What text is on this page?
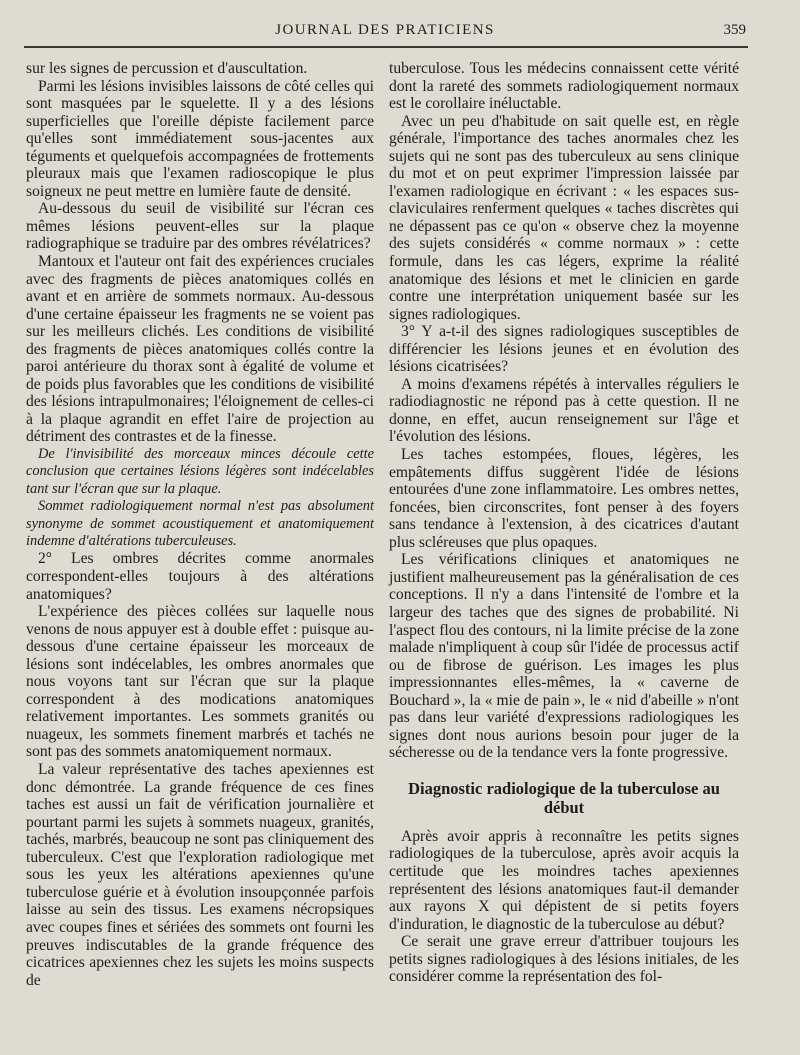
JOURNAL DES PRATICIENS	359

sur les signes de percussion et d'auscultation.

Parmi les lésions invisibles laissons de côté celles qui sont masquées par le squelette. Il y a des lésions superficielles que l'oreille dépiste facilement parce qu'elles sont immédiatement sous-jacentes aux téguments et quelquefois accompagnées de frottements pleuraux mais que l'examen radioscopique le plus soigneux ne peut mettre en lumière faute de densité.

Au-dessous du seuil de visibilité sur l'écran ces mêmes lésions peuvent-elles sur la plaque radiographique se traduire par des ombres révélatrices?

Mantoux et l'auteur ont fait des expériences cruciales avec des fragments de pièces anatomiques collés en avant et en arrière de sommets normaux. Au-dessous d'une certaine épaisseur les fragments ne se voient pas sur les meilleurs clichés. Les conditions de visibilité des fragments de pièces anatomiques collés contre la paroi antérieure du thorax sont à égalité de volume et de poids plus favorables que les conditions de visibilité des lésions intrapulmonaires; l'éloignement de celles-ci à la plaque agrandit en effet l'aire de projection au détriment des contrastes et de la finesse.

De l'invisibilité des morceaux minces découle cette conclusion que certaines lésions légères sont indécelables tant sur l'écran que sur la plaque.

Sommet radiologiquement normal n'est pas absolument synonyme de sommet acoustiquement et anatomiquement indemne d'altérations tuberculeuses.

2° Les ombres décrites comme anormales correspondent-elles toujours à des altérations anatomiques?

L'expérience des pièces collées sur laquelle nous venons de nous appuyer est à double effet : puisque au-dessous d'une certaine épaisseur les morceaux de lésions sont indécelables, les ombres anormales que nous voyons tant sur l'écran que sur la plaque correspondent à des modications anatomiques relativement importantes. Les sommets granités ou nuageux, les sommets finement marbrés et tachés ne sont pas des sommets anatomiquement normaux.

La valeur représentative des taches apexiennes est donc démontrée. La grande fréquence de ces fines taches est aussi un fait de vérification journalière et pourtant parmi les sujets à sommets nuageux, granités, tachés, marbrés, beaucoup ne sont pas cliniquement des tuberculeux. C'est que l'exploration radiologique met sous les yeux les altérations apexiennes qu'une tuberculose guérie et à évolution insoupçonnée parfois laisse au sein des tissus. Les examens nécropsiques avec coupes fines et sériées des sommets ont fourni les preuves indiscutables de la grande fréquence des cicatrices apexiennes chez les sujets les moins suspects de

tuberculose. Tous les médecins connaissent cette vérité dont la rareté des sommets radiologiquement normaux est le corollaire inéluctable.

Avec un peu d'habitude on sait quelle est, en règle générale, l'importance des taches anormales chez les sujets qui ne sont pas des tuberculeux au sens clinique du mot et on peut exprimer l'impression laissée par l'examen radiologique en écrivant : « les espaces sus-claviculaires renferment quelques « taches discrètes qui ne dépassent pas ce qu'on « observe chez la moyenne des sujets considérés « comme normaux » : cette formule, dans les cas légers, exprime la réalité anatomique des lésions et met le clinicien en garde contre une interprétation uniquement basée sur les signes radiologiques.

3° Y a-t-il des signes radiologiques susceptibles de différencier les lésions jeunes et en évolution des lésions cicatrisées?

A moins d'examens répétés à intervalles réguliers le radiodiagnostic ne répond pas à cette question. Il ne donne, en effet, aucun renseignement sur l'âge et l'évolution des lésions.

Les taches estompées, floues, légères, les empâtements diffus suggèrent l'idée de lésions entourées d'une zone inflammatoire. Les ombres nettes, foncées, bien circonscrites, font penser à des foyers sans tendance à l'extension, à des cicatrices d'autant plus scléreuses que plus opaques.

Les vérifications cliniques et anatomiques ne justifient malheureusement pas la généralisation de ces conceptions. Il n'y a dans l'intensité de l'ombre et la largeur des taches que des signes de probabilité. Ni l'aspect flou des contours, ni la limite précise de la zone malade n'impliquent à coup sûr l'idée de processus actif ou de fibrose de guérison. Les images les plus impressionnantes elles-mêmes, la « caverne de Bouchard », la « mie de pain », le « nid d'abeille » n'ont pas dans leur variété d'expressions radiologiques les signes dont nous aurions besoin pour juger de la sécheresse ou de la tendance vers la fonte progressive.

Diagnostic radiologique de la tuberculose au début

Après avoir appris à reconnaître les petits signes radiologiques de la tuberculose, après avoir acquis la certitude que les moindres taches apexiennes représentent des lésions anatomiques faut-il demander aux rayons X qui dépistent de si petits foyers d'induration, le diagnostic de la tuberculose au début?

Ce serait une grave erreur d'attribuer toujours les petits signes radiologiques à des lésions initiales, de les considérer comme la représentation des fol-
